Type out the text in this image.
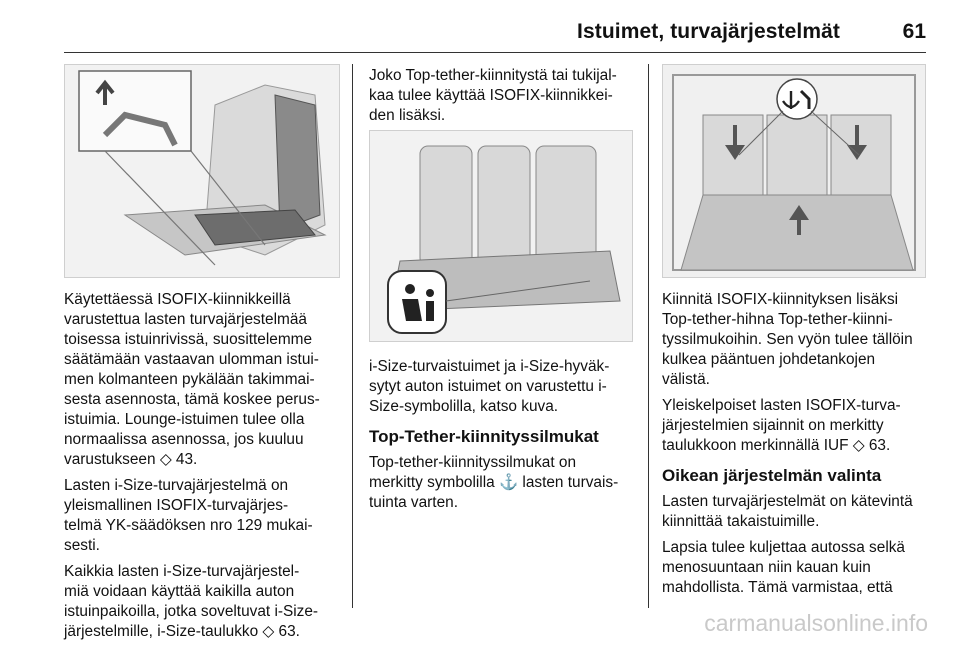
Istuimet, turvajärjestelmät	61

Käytettäessä ISOFIX-kiinnikkeillä
varustettua lasten turvajärjestelmää
toisessa istuinrivissä, suosittelemme
säätämään vastaavan ulomman istui-
men kolmanteen pykälään takimmai-
sesta asennosta, tämä koskee perus-
istuimia. Lounge-istuimen tulee olla
normaalissa asennossa, jos kuuluu
varustukseen ◇ 43.

Lasten i-Size-turvajärjestelmä on
yleismallinen ISOFIX-turvajärjes-
telmä YK-säädöksen nro 129 mukai-
sesti.

Kaikkia lasten i-Size-turvajärjestel-
miä voidaan käyttää kaikilla auton
istuinpaikoilla, jotka soveltuvat i-Size-
järjestelmille, i-Size-taulukko ◇ 63.

Joko Top-tether-kiinnitystä tai tukijal-
kaa tulee käyttää ISOFIX-kiinnikkei-
den lisäksi.

i-Size-turvaistuimet ja i-Size-hyväk-
sytyt auton istuimet on varustettu i-
Size-symbolilla, katso kuva.

Top-Tether-kiinnityssilmukat

Top-tether-kiinnityssilmukat on
merkitty symbolilla ⚓ lasten turvais-
tuinta varten.

Kiinnitä ISOFIX-kiinnityksen lisäksi
Top-tether-hihna Top-tether-kiinni-
tyssilmukoihin. Sen vyön tulee tällöin
kulkea pääntuen johdetankojen
välistä.

Yleiskelpoiset lasten ISOFIX-turva-
järjestelmien sijainnit on merkitty
taulukkoon merkinnällä IUF ◇ 63.

Oikean järjestelmän valinta

Lasten turvajärjestelmät on kätevintä
kiinnittää takaistuimille.

Lapsia tulee kuljettaa autossa selkä
menosuuntaan niin kauan kuin
mahdollista. Tämä varmistaa, että

carmanualsonline.info
